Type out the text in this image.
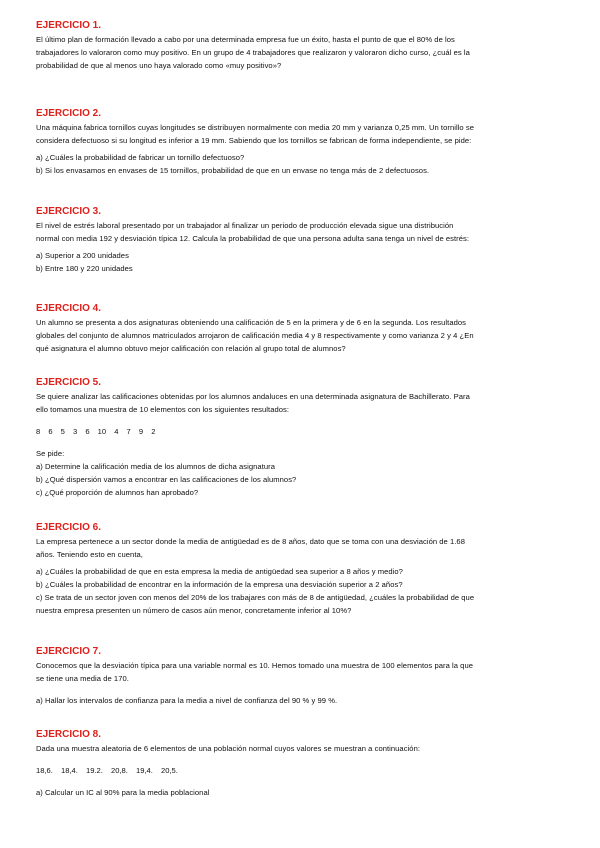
EJERCICIO 1.

El último plan de formación llevado a cabo por una determinada empresa fue un éxito, hasta el punto de que el 80% de los

trabajadores lo valoraron como muy positivo. En un grupo de 4 trabajadores que realizaron y valoraron dicho curso, ¿cuál es la

probabilidad de que al menos uno haya valorado como «muy positivo»?

EJERCICIO 2.

Una máquina fabrica tornillos cuyas longitudes se distribuyen normalmente con media 20 mm y varianza 0,25 mm. Un tornillo se

considera defectuoso si su longitud es inferior a 19 mm. Sabiendo que los tornillos se fabrican de forma independiente, se pide:

a) ¿Cuáles la probabilidad de fabricar un tornillo defectuoso?

b) Si los envasamos en envases de 15 tornillos, probabilidad de que en un envase no tenga más de 2 defectuosos.

EJERCICIO 3.

El nivel de estrés laboral presentado por un trabajador al finalizar un periodo de producción elevada sigue una distribución

normal con media 192 y desviación típica 12. Calcula la probabilidad de que una persona adulta sana tenga un nivel de estrés:

a) Superior a 200 unidades

b) Entre 180 y 220 unidades

EJERCICIO 4.

Un alumno se presenta a dos asignaturas obteniendo una calificación de 5 en la primera y de 6 en la segunda. Los resultados

globales del conjunto de alumnos matriculados arrojaron de calificación media 4 y 8 respectivamente y como varianza 2 y 4 ¿En

qué asignatura el alumno obtuvo mejor calificación con relación al grupo total de alumnos?

EJERCICIO 5.

Se quiere analizar las calificaciones obtenidas por los alumnos andaluces en una determinada asignatura de Bachillerato. Para

ello tomamos una muestra de 10 elementos con los siguientes resultados:

8 6 5 3 6 10 4 7 9 2

Se pide:

a) Determine la calificación media de los alumnos de dicha asignatura

b) ¿Qué dispersión vamos a encontrar en las calificaciones de los alumnos?

c) ¿Qué proporción de alumnos han aprobado?

EJERCICIO 6.

La empresa pertenece a un sector donde la media de antigüedad es de 8 años, dato que se toma con una desviación de 1.68

años. Teniendo esto en cuenta,

a) ¿Cuáles la probabilidad de que en esta empresa la media de antigüedad sea superior a 8 años y medio?

b) ¿Cuáles la probabilidad de encontrar en la información de la empresa una desviación superior a 2 años?

c) Se trata de un sector joven con menos del 20% de los trabajares con más de 8 de antigüedad, ¿cuáles la probabilidad de que

nuestra empresa presenten un número de casos aún menor, concretamente inferior al 10%?

EJERCICIO 7.

Conocemos que la desviación típica para una variable normal es 10. Hemos tomado una muestra de 100 elementos para la que

se tiene una media de 170.

a) Hallar los intervalos de confianza para la media a nivel de confianza del 90 % y 99 %.

EJERCICIO 8.

Dada una muestra aleatoria de 6 elementos de una población normal cuyos valores se muestran a continuación:

18,6. 18,4. 19.2. 20,8. 19,4. 20,5.

a) Calcular un IC al 90% para la media poblacional
